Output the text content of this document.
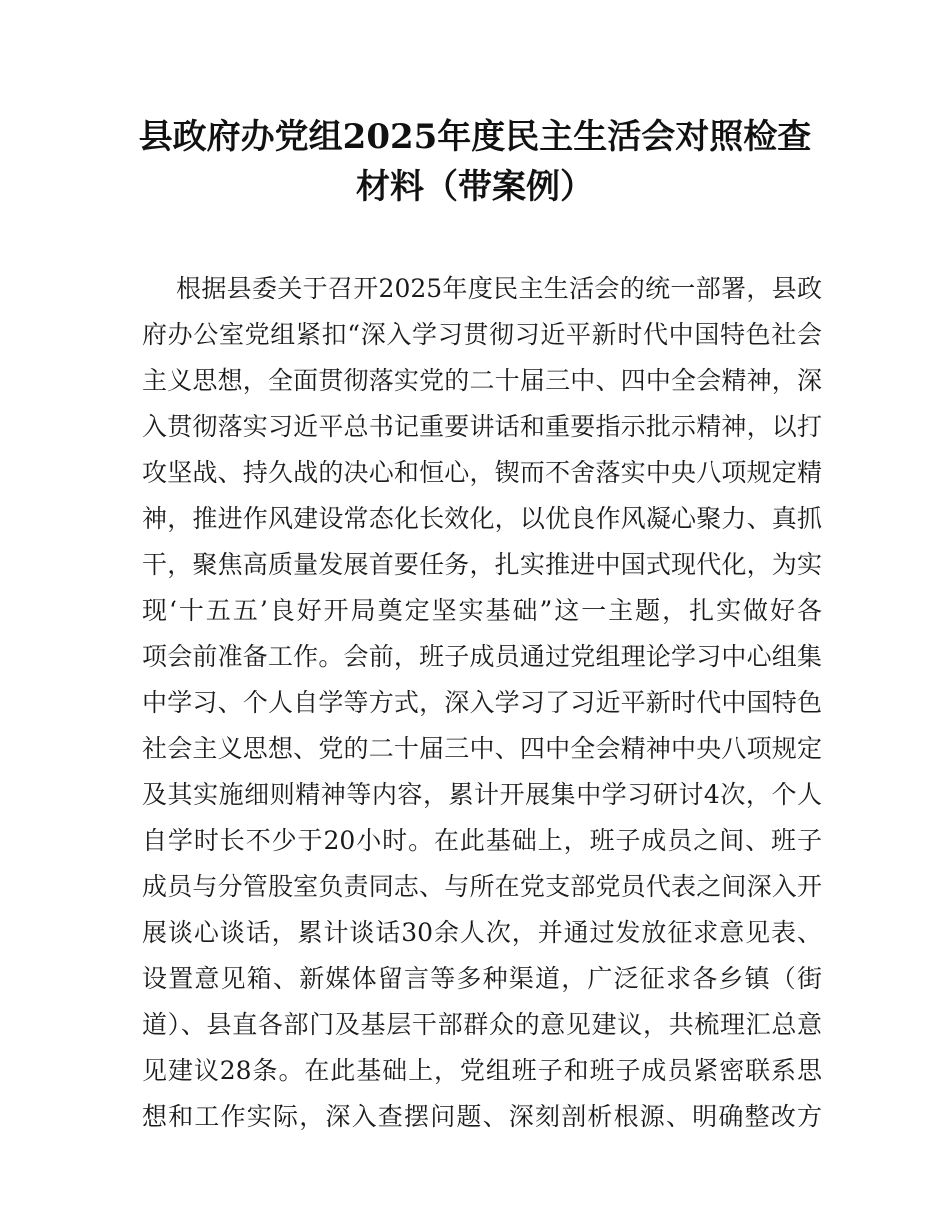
县政府办党组2025年度民主生活会对照检查
材料（带案例）
根据县委关于召开2025年度民主生活会的统一部署，县政
府办公室党组紧扣“深入学习贯彻习近平新时代中国特色社会
主义思想，全面贯彻落实党的二十届三中、四中全会精神，深
入贯彻落实习近平总书记重要讲话和重要指示批示精神，以打
攻坚战、持久战的决心和恒心，锲而不舍落实中央八项规定精
神，推进作风建设常态化长效化，以优良作风凝心聚力、真抓
干，聚焦高质量发展首要任务，扎实推进中国式现代化，为实
现‘十五五’良好开局奠定坚实基础”这一主题，扎实做好各
项会前准备工作。会前，班子成员通过党组理论学习中心组集
中学习、个人自学等方式，深入学习了习近平新时代中国特色
社会主义思想、党的二十届三中、四中全会精神中央八项规定
及其实施细则精神等内容，累计开展集中学习研讨4次，个人
自学时长不少于20小时。在此基础上，班子成员之间、班子
成员与分管股室负责同志、与所在党支部党员代表之间深入开
展谈心谈话，累计谈话30余人次，并通过发放征求意见表、
设置意见箱、新媒体留言等多种渠道，广泛征求各乡镇（街
道）、县直各部门及基层干部群众的意见建议，共梳理汇总意
见建议28条。在此基础上，党组班子和班子成员紧密联系思
想和工作实际，深入查摆问题、深刻剖析根源、明确整改方
